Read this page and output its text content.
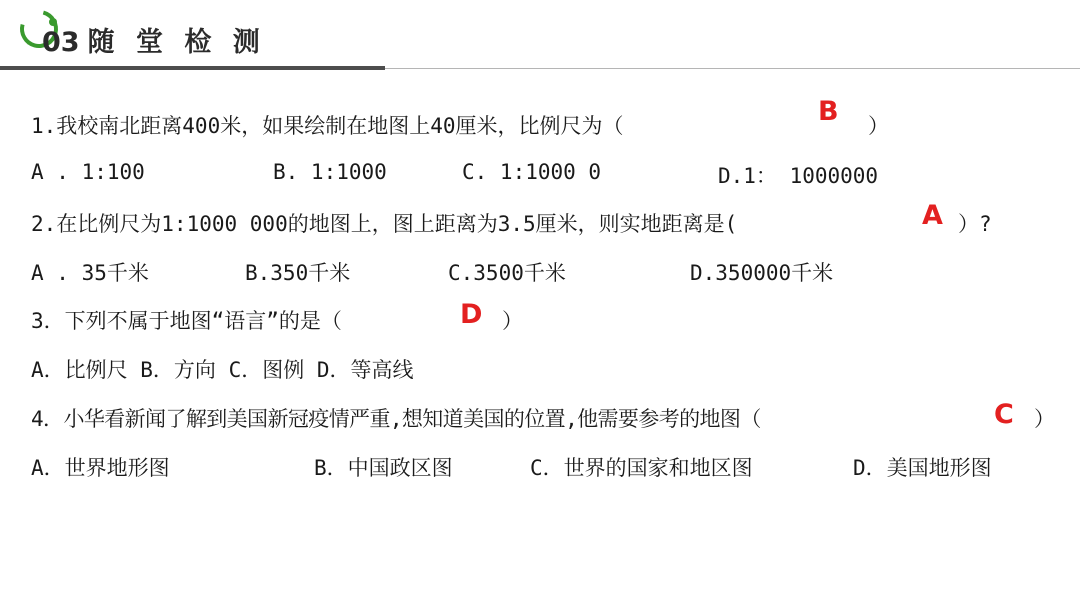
03 随 堂 检 测
1.我校南北距离400米，如果绘制在地图上40厘米，比例尺为（	B ）
A . 1:100	B. 1:1000	C. 1:1000 0	D.1： 1000000
2.在比例尺为1:1000 000的地图上，图上距离为3.5厘米，则实地距离是(	A ）?
A . 35千米	B.350千米	C.3500千米	D.350000千米
3．下列不属于地图“语言”的是（	D ）
A．比例尺 B．方向 C．图例 D．等高线
4．小华看新闻了解到美国新冠疫情严重,想知道美国的位置,他需要参考的地图（	C ）
A．世界地形图	B．中国政区图	C．世界的国家和地区图	D．美国地形图
